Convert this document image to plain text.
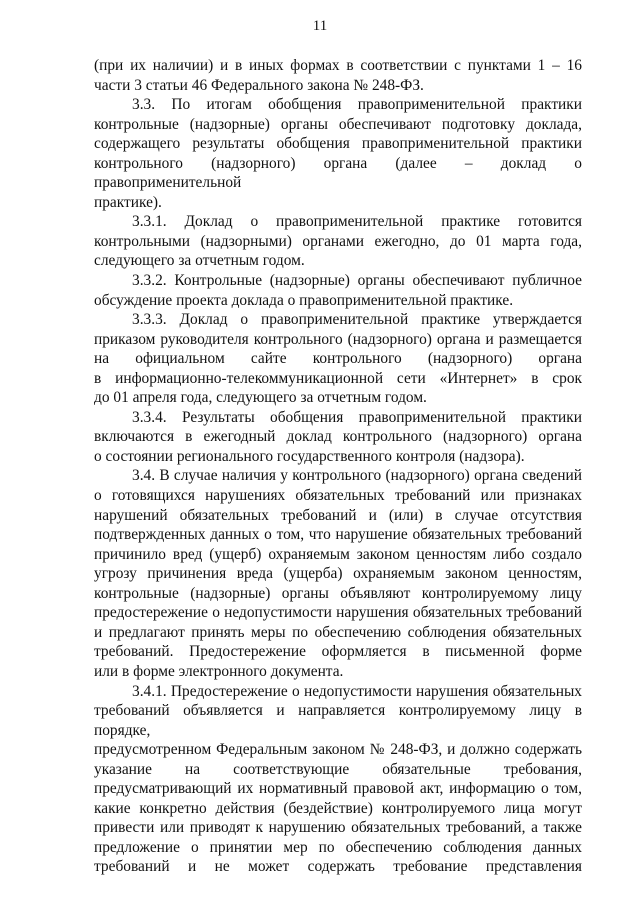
11
(при их наличии) и в иных формах в соответствии с пунктами 1 – 16
части 3 статьи 46 Федерального закона № 248-ФЗ.
3.3. По итогам обобщения правоприменительной практики
контрольные (надзорные) органы обеспечивают подготовку доклада,
содержащего результаты обобщения правоприменительной практики
контрольного (надзорного) органа (далее – доклад о правоприменительной
практике).
3.3.1. Доклад о правоприменительной практике готовится
контрольными (надзорными) органами ежегодно, до 01 марта года,
следующего за отчетным годом.
3.3.2. Контрольные (надзорные) органы обеспечивают публичное
обсуждение проекта доклада о правоприменительной практике.
3.3.3. Доклад о правоприменительной практике утверждается
приказом руководителя контрольного (надзорного) органа и размещается
на официальном сайте контрольного (надзорного) органа
в информационно-телекоммуникационной сети «Интернет» в срок
до 01 апреля года, следующего за отчетным годом.
3.3.4. Результаты обобщения правоприменительной практики
включаются в ежегодный доклад контрольного (надзорного) органа
о состоянии регионального государственного контроля (надзора).
3.4. В случае наличия у контрольного (надзорного) органа сведений
о готовящихся нарушениях обязательных требований или признаках
нарушений обязательных требований и (или) в случае отсутствия
подтвержденных данных о том, что нарушение обязательных требований
причинило вред (ущерб) охраняемым законом ценностям либо создало
угрозу причинения вреда (ущерба) охраняемым законом ценностям,
контрольные (надзорные) органы объявляют контролируемому лицу
предостережение о недопустимости нарушения обязательных требований
и предлагают принять меры по обеспечению соблюдения обязательных
требований. Предостережение оформляется в письменной форме
или в форме электронного документа.
3.4.1. Предостережение о недопустимости нарушения обязательных
требований объявляется и направляется контролируемому лицу в порядке,
предусмотренном Федеральным законом № 248-ФЗ, и должно содержать
указание на соответствующие обязательные требования,
предусматривающий их нормативный правовой акт, информацию о том,
какие конкретно действия (бездействие) контролируемого лица могут
привести или приводят к нарушению обязательных требований, а также
предложение о принятии мер по обеспечению соблюдения данных
требований и не может содержать требование представления
